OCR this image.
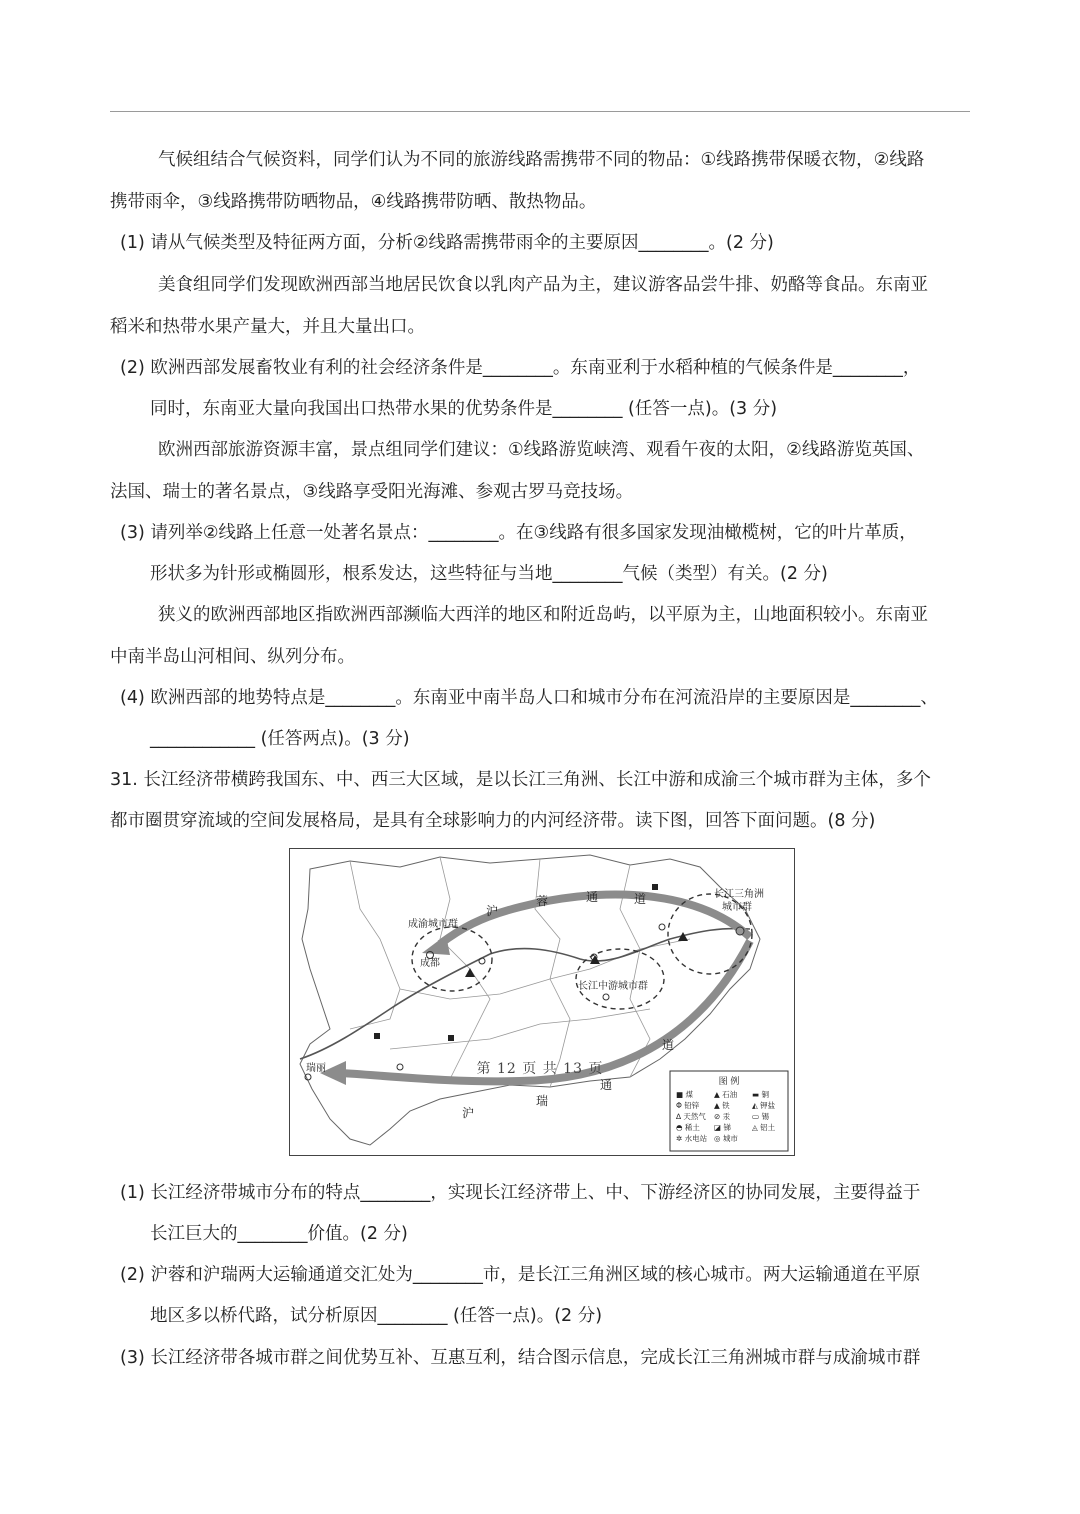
气候组结合气候资料，同学们认为不同的旅游线路需携带不同的物品：①线路携带保暖衣物，②线路
携带雨伞，③线路携带防晒物品，④线路携带防晒、散热物品。
(1) 请从气候类型及特征两方面，分析②线路需携带雨伞的主要原因________。(2 分)
美食组同学们发现欧洲西部当地居民饮食以乳肉产品为主，建议游客品尝牛排、奶酪等食品。东南亚
稻米和热带水果产量大，并且大量出口。
(2) 欧洲西部发展畜牧业有利的社会经济条件是________。东南亚利于水稻种植的气候条件是________，
同时，东南亚大量向我国出口热带水果的优势条件是________ (任答一点)。(3 分)
欧洲西部旅游资源丰富，景点组同学们建议：①线路游览峡湾、观看午夜的太阳，②线路游览英国、
法国、瑞士的著名景点，③线路享受阳光海滩、参观古罗马竞技场。
(3) 请列举②线路上任意一处著名景点：________。在③线路有很多国家发现油橄榄树，它的叶片革质，
形状多为针形或椭圆形，根系发达，这些特征与当地________气候（类型）有关。(2 分)
狭义的欧洲西部地区指欧洲西部濒临大西洋的地区和附近岛屿，以平原为主，山地面积较小。东南亚
中南半岛山河相间、纵列分布。
(4) 欧洲西部的地势特点是________。东南亚中南半岛人口和城市分布在河流沿岸的主要原因是________、
____________ (任答两点)。(3 分)
31. 长江经济带横跨我国东、中、西三大区域，是以长江三角洲、长江中游和成渝三个城市群为主体，多个
都市圈贯穿流域的空间发展格局，是具有全球影响力的内河经济带。读下图，回答下面问题。(8 分)
成渝城市群
成都
长江中游城市群
长江三角洲
城市群
瑞丽
沪
蓉	通	道
沪
瑞
通
道
图 例
■ 煤	▲ 石油 ▬ 铜
Φ 铅锌 ▲ 铁	◭ 钾盐
∆ 天然气 ⊘ 汞	▭ 锡
◓ 稀土 ◪ 锑	◬ 铝土
✲ 水电站 ◎ 城市
(1) 长江经济带城市分布的特点________，实现长江经济带上、中、下游经济区的协同发展，主要得益于
长江巨大的________价值。(2 分)
(2) 沪蓉和沪瑞两大运输通道交汇处为________市，是长江三角洲区域的核心城市。两大运输通道在平原
地区多以桥代路，试分析原因________ (任答一点)。(2 分)
(3) 长江经济带各城市群之间优势互补、互惠互利，结合图示信息，完成长江三角洲城市群与成渝城市群
第 12 页 共 13 页
